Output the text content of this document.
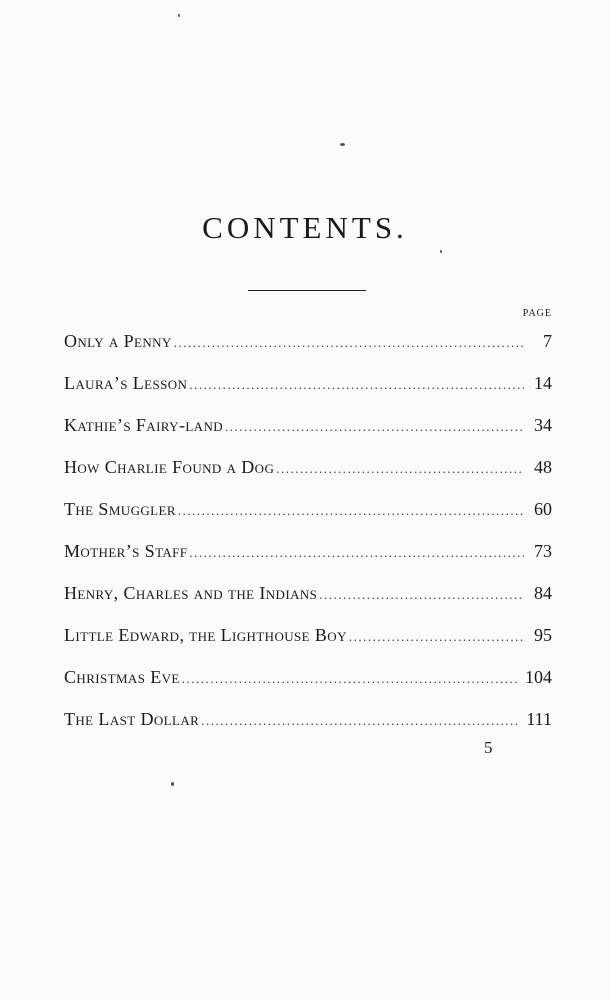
CONTENTS.
PAGE
Only a Penny .....	7
Laura’s Lesson .....	14
Kathie’s Fairy-land .....	34
How Charlie Found a Dog .....	48
The Smuggler .....	60
Mother’s Staff .....	73
Henry, Charles and the Indians .....	84
Little Edward, the Lighthouse Boy .....	95
Christmas Eve .....	104
The Last Dollar .....	111
5
